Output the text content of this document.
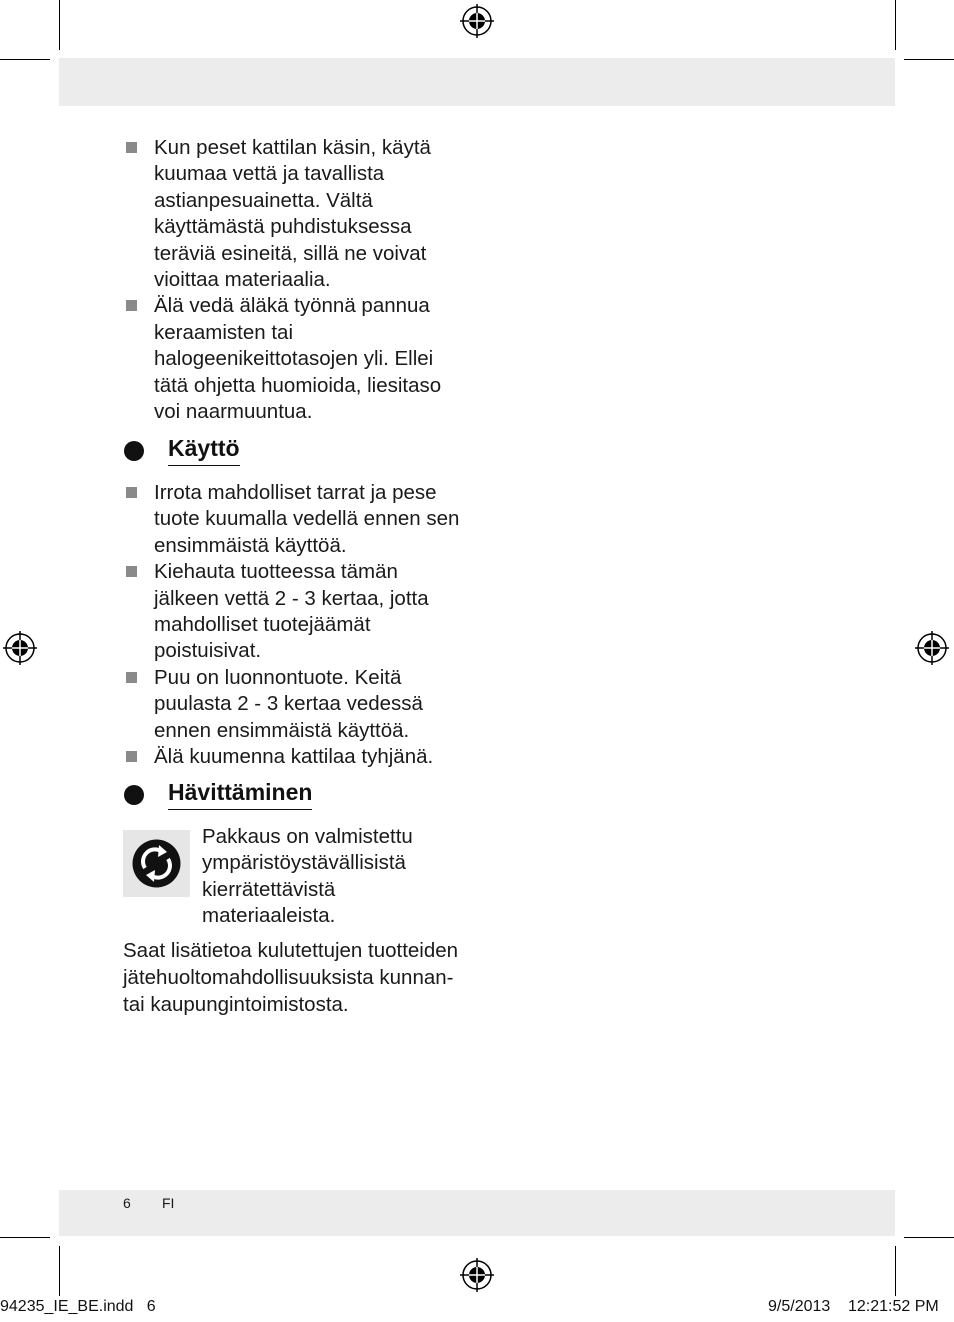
Kun peset kattilan käsin, käytä kuumaa vettä ja tavallista astianpesuainetta. Vältä käyttämästä puhdistuksessa teräviä esineitä, sillä ne voivat vioittaa materiaalia.
Älä vedä äläkä työnnä pannua keraamisten tai halogeenikeittotasojen yli. Ellei tätä ohjetta huomioida, liesitaso voi naarmuuntua.
Käyttö
Irrota mahdolliset tarrat ja pese tuote kuumalla vedellä ennen sen ensimmäistä käyttöä.
Kiehauta tuotteessa tämän jälkeen vettä 2 - 3 kertaa, jotta mahdolliset tuotejäämät poistuisivat.
Puu on luonnontuote. Keitä puulasta 2 - 3 kertaa vedessä ennen ensimmäistä käyttöä.
Älä kuumenna kattilaa tyhjänä.
Hävittäminen
Pakkaus on valmistettu ympäristöystävällisistä kierrätettävistä materiaaleista.
Saat lisätietoa kulutettujen tuotteiden jätehuoltomahdollisuuksista kunnan- tai kaupungintoimistosta.
6 FI
94235_IE_BE.indd   6	9/5/2013 12:21:52 PM
